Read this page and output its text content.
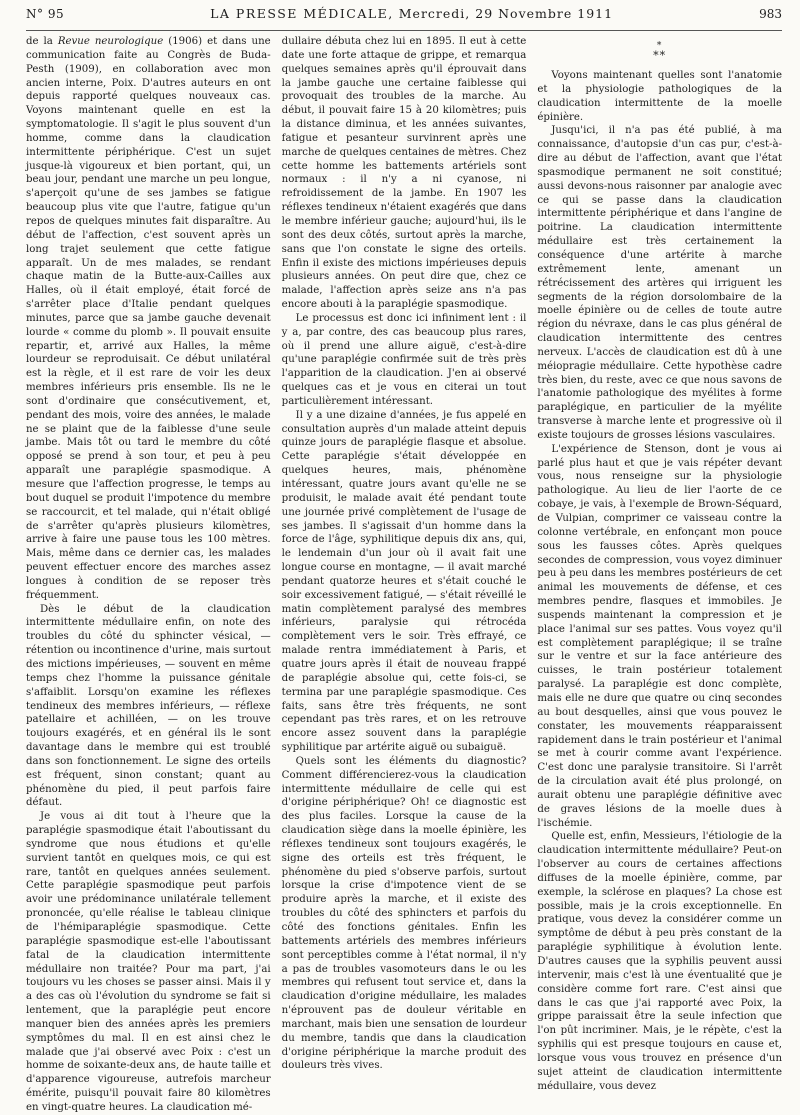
N° 95	LA PRESSE MÉDICALE, Mercredi, 29 Novembre 1911	983

de la Revue neurologique (1906) et dans une communication faite au Congrès de Buda-Pesth (1909), en collaboration avec mon ancien interne, Poix. D'autres auteurs en ont depuis rapporté quelques nouveaux cas. Voyons maintenant quelle en est la symptomatologie. Il s'agit le plus souvent d'un homme, comme dans la claudication intermittente périphérique. C'est un sujet jusque-là vigoureux et bien portant, qui, un beau jour, pendant une marche un peu longue, s'aperçoit qu'une de ses jambes se fatigue beaucoup plus vite que l'autre, fatigue qu'un repos de quelques minutes fait disparaître. Au début de l'affection, c'est souvent après un long trajet seulement que cette fatigue apparaît. Un de mes malades, se rendant chaque matin de la Butte-aux-Cailles aux Halles, où il était employé, était forcé de s'arrêter place d'Italie pendant quelques minutes, parce que sa jambe gauche devenait lourde « comme du plomb ». Il pouvait ensuite repartir, et, arrivé aux Halles, la même lourdeur se reproduisait. Ce début unilatéral est la règle, et il est rare de voir les deux membres inférieurs pris ensemble. Ils ne le sont d'ordinaire que consécutivement, et, pendant des mois, voire des années, le malade ne se plaint que de la faiblesse d'une seule jambe. Mais tôt ou tard le membre du côté opposé se prend à son tour, et peu à peu apparaît une paraplégie spasmodique. A mesure que l'affection progresse, le temps au bout duquel se produit l'impotence du membre se raccourcit, et tel malade, qui n'était obligé de s'arrêter qu'après plusieurs kilomètres, arrive à faire une pause tous les 100 mètres. Mais, même dans ce dernier cas, les malades peuvent effectuer encore des marches assez longues à condition de se reposer très fréquemment.

Dès le début de la claudication intermittente médullaire enfin, on note des troubles du côté du sphincter vésical, — rétention ou incontinence d'urine, mais surtout des mictions impérieuses, — souvent en même temps chez l'homme la puissance génitale s'affaiblit. Lorsqu'on examine les réflexes tendineux des membres inférieurs, — réflexe patellaire et achilléen, — on les trouve toujours exagérés, et en général ils le sont davantage dans le membre qui est troublé dans son fonctionnement. Le signe des orteils est fréquent, sinon constant; quant au phénomène du pied, il peut parfois faire défaut.

Je vous ai dit tout à l'heure que la paraplégie spasmodique était l'aboutissant du syndrome que nous étudions et qu'elle survient tantôt en quelques mois, ce qui est rare, tantôt en quelques années seulement. Cette paraplégie spasmodique peut parfois avoir une prédominance unilatérale tellement prononcée, qu'elle réalise le tableau clinique de l'hémiparaplégie spasmodique. Cette paraplégie spasmodique est-elle l'aboutissant fatal de la claudication intermittente médullaire non traitée? Pour ma part, j'ai toujours vu les choses se passer ainsi. Mais il y a des cas où l'évolution du syndrome se fait si lentement, que la paraplégie peut encore manquer bien des années après les premiers symptômes du mal. Il en est ainsi chez le malade que j'ai observé avec Poix : c'est un homme de soixante-deux ans, de haute taille et d'apparence vigoureuse, autrefois marcheur émérite, puisqu'il pouvait faire 80 kilomètres en vingt-quatre heures. La claudication mé-

dullaire débuta chez lui en 1895. Il eut à cette date une forte attaque de grippe, et remarqua quelques semaines après qu'il éprouvait dans la jambe gauche une certaine faiblesse qui provoquait des troubles de la marche. Au début, il pouvait faire 15 à 20 kilomètres; puis la distance diminua, et les années suivantes, fatigue et pesanteur survinrent après une marche de quelques centaines de mètres. Chez cette homme les battements artériels sont normaux : il n'y a ni cyanose, ni refroidissement de la jambe. En 1907 les réflexes tendineux n'étaient exagérés que dans le membre inférieur gauche; aujourd'hui, ils le sont des deux côtés, surtout après la marche, sans que l'on constate le signe des orteils. Enfin il existe des mictions impérieuses depuis plusieurs années. On peut dire que, chez ce malade, l'affection après seize ans n'a pas encore abouti à la paraplégie spasmodique.

Le processus est donc ici infiniment lent : il y a, par contre, des cas beaucoup plus rares, où il prend une allure aiguë, c'est-à-dire qu'une paraplégie confirmée suit de très près l'apparition de la claudication. J'en ai observé quelques cas et je vous en citerai un tout particulièrement intéressant.

Il y a une dizaine d'années, je fus appelé en consultation auprès d'un malade atteint depuis quinze jours de paraplégie flasque et absolue. Cette paraplégie s'était développée en quelques heures, mais, phénomène intéressant, quatre jours avant qu'elle ne se produisit, le malade avait été pendant toute une journée privé complètement de l'usage de ses jambes. Il s'agissait d'un homme dans la force de l'âge, syphilitique depuis dix ans, qui, le lendemain d'un jour où il avait fait une longue course en montagne, — il avait marché pendant quatorze heures et s'était couché le soir excessivement fatigué, — s'était réveillé le matin complètement paralysé des membres inférieurs, paralysie qui rétrocéda complètement vers le soir. Très effrayé, ce malade rentra immédiatement à Paris, et quatre jours après il était de nouveau frappé de paraplégie absolue qui, cette fois-ci, se termina par une paraplégie spasmodique. Ces faits, sans être très fréquents, ne sont cependant pas très rares, et on les retrouve encore assez souvent dans la paraplégie syphilitique par artérite aiguë ou subaiguë.

Quels sont les éléments du diagnostic? Comment différencierez-vous la claudication intermittente médullaire de celle qui est d'origine périphérique? Oh! ce diagnostic est des plus faciles. Lorsque la cause de la claudication siège dans la moelle épinière, les réflexes tendineux sont toujours exagérés, le signe des orteils est très fréquent, le phénomène du pied s'observe parfois, surtout lorsque la crise d'impotence vient de se produire après la marche, et il existe des troubles du côté des sphincters et parfois du côté des fonctions génitales. Enfin les battements artériels des membres inférieurs sont perceptibles comme à l'état normal, il n'y a pas de troubles vasomoteurs dans le ou les membres qui refusent tout service et, dans la claudication d'origine médullaire, les malades n'éprouvent pas de douleur véritable en marchant, mais bien une sensation de lourdeur du membre, tandis que dans la claudication d'origine périphérique la marche produit des douleurs très vives.

*
**

Voyons maintenant quelles sont l'anatomie et la physiologie pathologiques de la claudication intermittente de la moelle épinière.

Jusqu'ici, il n'a pas été publié, à ma connaissance, d'autopsie d'un cas pur, c'est-à-dire au début de l'affection, avant que l'état spasmodique permanent ne soit constitué; aussi devons-nous raisonner par analogie avec ce qui se passe dans la claudication intermittente périphérique et dans l'angine de poitrine. La claudication intermittente médullaire est très certainement la conséquence d'une artérite à marche extrêmement lente, amenant un rétrécissement des artères qui irriguent les segments de la région dorsolombaire de la moelle épinière ou de celles de toute autre région du névraxe, dans le cas plus général de claudication intermittente des centres nerveux. L'accès de claudication est dû à une méiopragie médullaire. Cette hypothèse cadre très bien, du reste, avec ce que nous savons de l'anatomie pathologique des myélites à forme paraplégique, en particulier de la myélite transverse à marche lente et progressive où il existe toujours de grosses lésions vasculaires.

L'expérience de Stenson, dont je vous ai parlé plus haut et que je vais répéter devant vous, nous renseigne sur la physiologie pathologique. Au lieu de lier l'aorte de ce cobaye, je vais, à l'exemple de Brown-Séquard, de Vulpian, comprimer ce vaisseau contre la colonne vertébrale, en enfonçant mon pouce sous les fausses côtes. Après quelques secondes de compression, vous voyez diminuer peu à peu dans les membres postérieurs de cet animal les mouvements de défense, et ces membres pendre, flasques et immobiles. Je suspends maintenant la compression et je place l'animal sur ses pattes. Vous voyez qu'il est complètement paraplégique; il se traîne sur le ventre et sur la face antérieure des cuisses, le train postérieur totalement paralysé. La paraplégie est donc complète, mais elle ne dure que quatre ou cinq secondes au bout desquelles, ainsi que vous pouvez le constater, les mouvements réapparaissent rapidement dans le train postérieur et l'animal se met à courir comme avant l'expérience. C'est donc une paralysie transitoire. Si l'arrêt de la circulation avait été plus prolongé, on aurait obtenu une paraplégie définitive avec de graves lésions de la moelle dues à l'ischémie.

Quelle est, enfin, Messieurs, l'étiologie de la claudication intermittente médullaire? Peut-on l'observer au cours de certaines affections diffuses de la moelle épinière, comme, par exemple, la sclérose en plaques? La chose est possible, mais je la crois exceptionnelle. En pratique, vous devez la considérer comme un symptôme de début à peu près constant de la paraplégie syphilitique à évolution lente. D'autres causes que la syphilis peuvent aussi intervenir, mais c'est là une éventualité que je considère comme fort rare. C'est ainsi que dans le cas que j'ai rapporté avec Poix, la grippe paraissait être la seule infection que l'on pût incriminer. Mais, je le répète, c'est la syphilis qui est presque toujours en cause et, lorsque vous vous trouvez en présence d'un sujet atteint de claudication intermittente médullaire, vous devez
